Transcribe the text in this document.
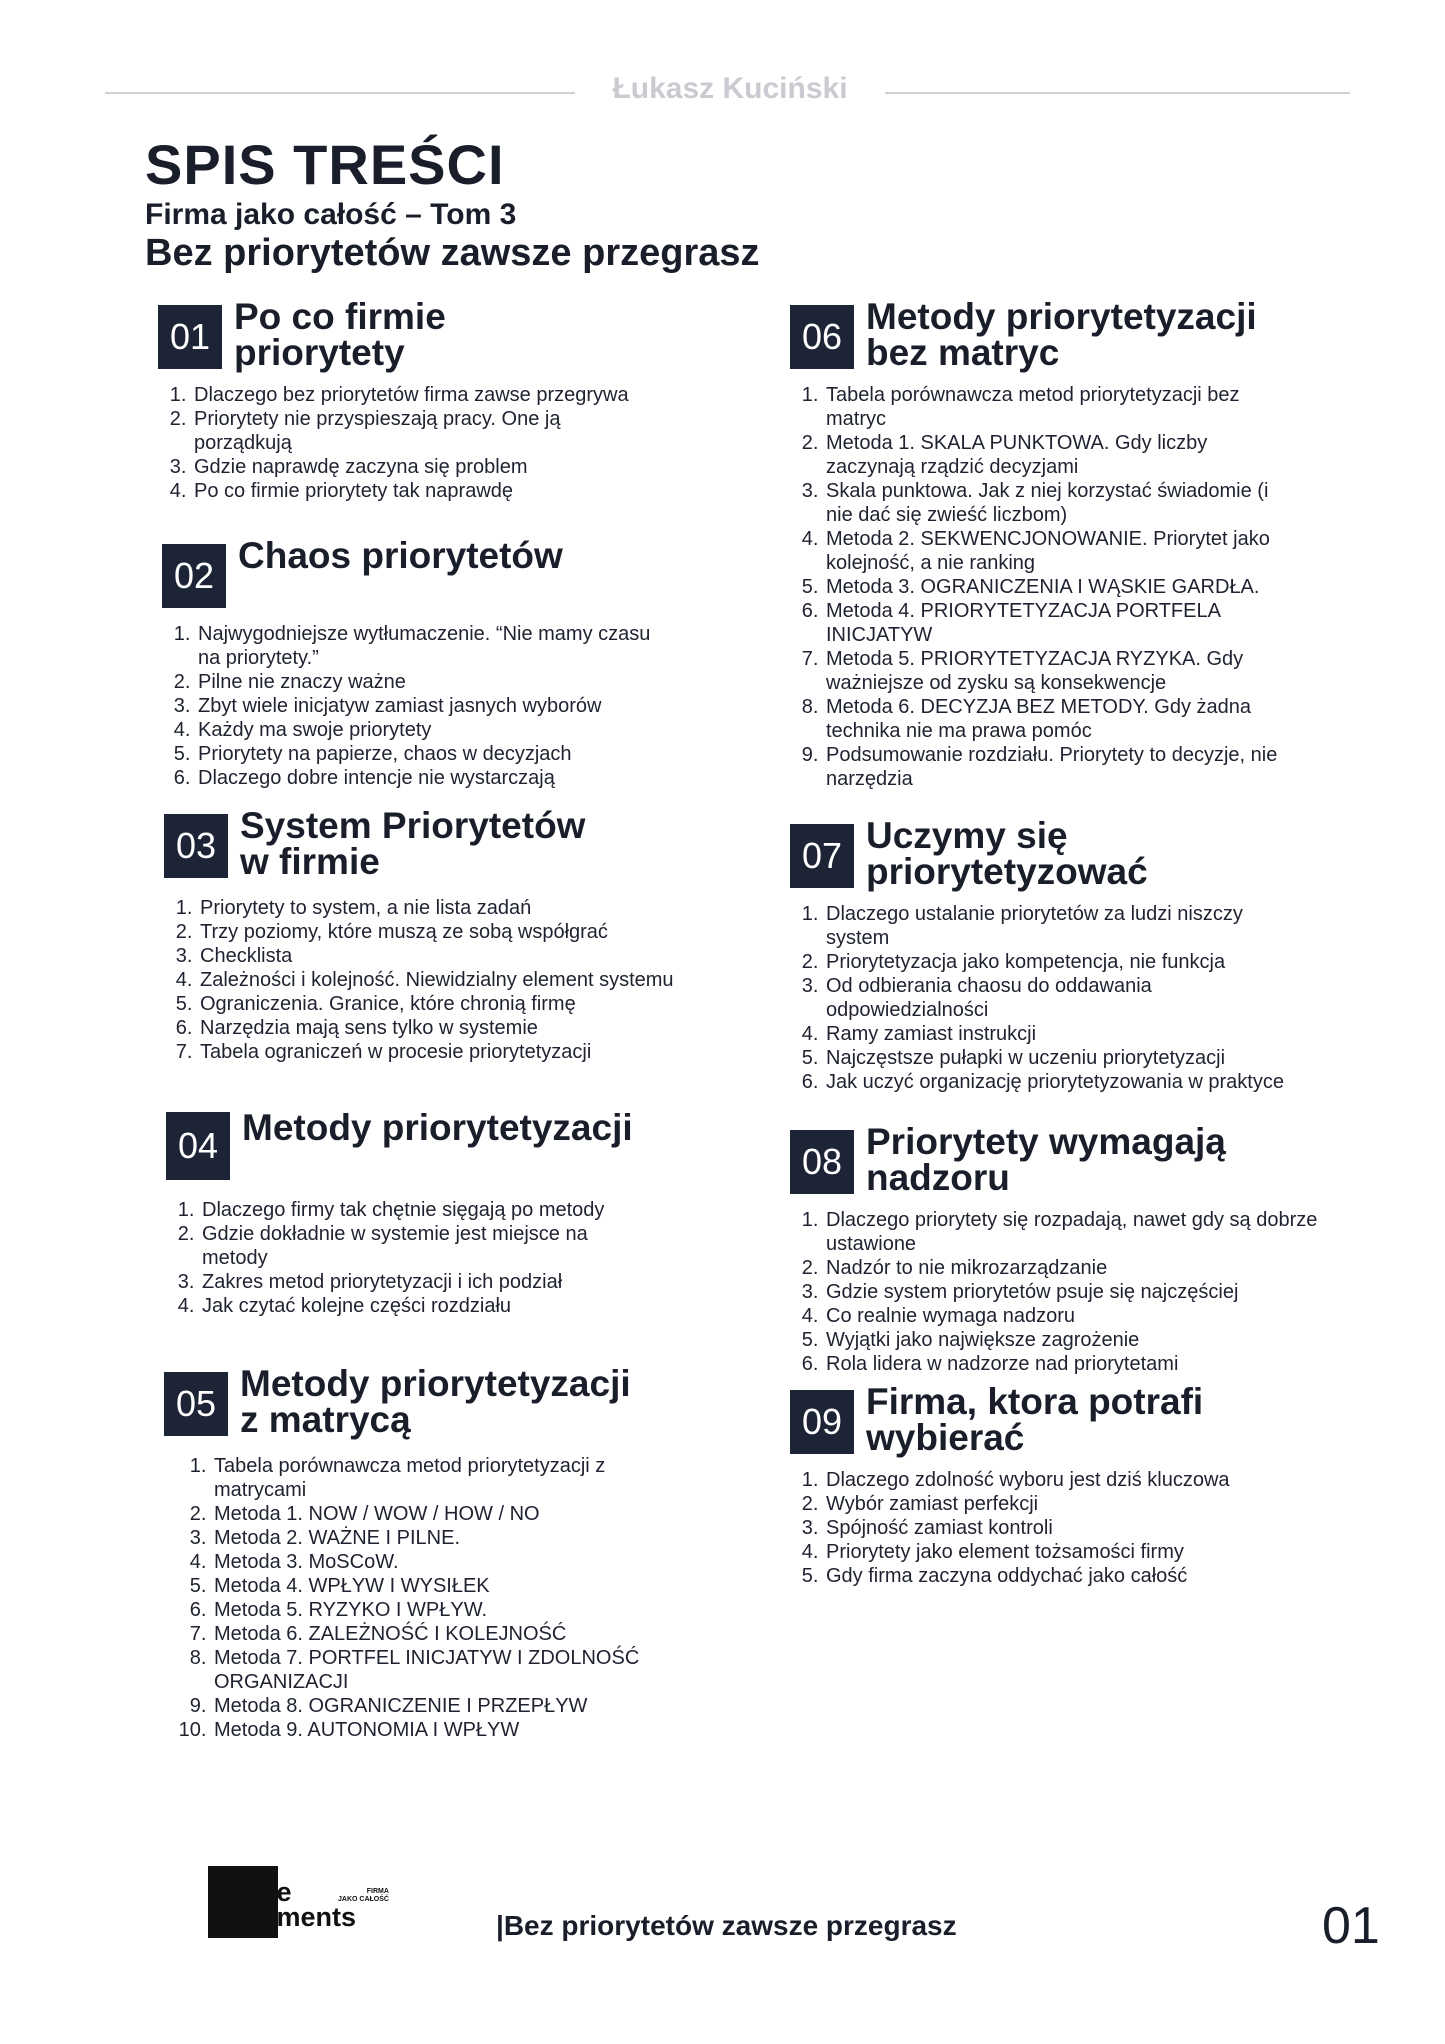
Łukasz Kuciński
SPIS TREŚCI
Firma jako całość – Tom 3
Bez priorytetów zawsze przegrasz
01 Po co firmie
priorytety
1. Dlaczego bez priorytetów firma zawse przegrywa
2. Priorytety nie przyspieszają pracy. One ją porządkują
3. Gdzie naprawdę zaczyna się problem
4. Po co firmie priorytety tak naprawdę
02 Chaos priorytetów
1. Najwygodniejsze wytłumaczenie. “Nie mamy czasu na priorytety.”
2. Pilne nie znaczy ważne
3. Zbyt wiele inicjatyw zamiast jasnych wyborów
4. Każdy ma swoje priorytety
5. Priorytety na papierze, chaos w decyzjach
6. Dlaczego dobre intencje nie wystarczają
03 System Priorytetów
w firmie
1. Priorytety to system, a nie lista zadań
2. Trzy poziomy, które muszą ze sobą współgrać
3. Checklista
4. Zależności i kolejność. Niewidzialny element systemu
5. Ograniczenia. Granice, które chronią firmę
6. Narzędzia mają sens tylko w systemie
7. Tabela ograniczeń w procesie priorytetyzacji
04 Metody priorytetyzacji
1. Dlaczego firmy tak chętnie sięgają po metody
2. Gdzie dokładnie w systemie jest miejsce na metody
3. Zakres metod priorytetyzacji i ich podział
4. Jak czytać kolejne części rozdziału
05 Metody priorytetyzacji
z matrycą
1. Tabela porównawcza metod priorytetyzacji z matrycami
2. Metoda 1. NOW / WOW / HOW / NO
3. Metoda 2. WAŻNE I PILNE.
4. Metoda 3. MoSCoW.
5. Metoda 4. WPŁYW I WYSIŁEK
6. Metoda 5. RYZYKO I WPŁYW.
7. Metoda 6. ZALEŻNOŚĆ I KOLEJNOŚĆ
8. Metoda 7. PORTFEL INICJATYW I ZDOLNOŚĆ ORGANIZACJI
9. Metoda 8. OGRANICZENIE I PRZEPŁYW
10. Metoda 9. AUTONOMIA I WPŁYW
06 Metody priorytetyzacji
bez matryc
1. Tabela porównawcza metod priorytetyzacji bez matryc
2. Metoda 1. SKALA PUNKTOWA. Gdy liczby zaczynają rządzić decyzjami
3. Skala punktowa. Jak z niej korzystać świadomie (i nie dać się zwieść liczbom)
4. Metoda 2. SEKWENCJONOWANIE. Priorytet jako kolejność, a nie ranking
5. Metoda 3. OGRANICZENIA I WĄSKIE GARDŁA.
6. Metoda 4. PRIORYTETYZACJA PORTFELA INICJATYW
7. Metoda 5. PRIORYTETYZACJA RYZYKA. Gdy ważniejsze od zysku są konsekwencje
8. Metoda 6. DECYZJA BEZ METODY. Gdy żadna technika nie ma prawa pomóc
9. Podsumowanie rozdziału. Priorytety to decyzje, nie narzędzia
07 Uczymy się
priorytetyzować
1. Dlaczego ustalanie priorytetów za ludzi niszczy system
2. Priorytetyzacja jako kompetencja, nie funkcja
3. Od odbierania chaosu do oddawania odpowiedzialności
4. Ramy zamiast instrukcji
5. Najczęstsze pułapki w uczeniu priorytetyzacji
6. Jak uczyć organizację priorytetyzowania w praktyce
08 Priorytety wymagają
nadzoru
1. Dlaczego priorytety się rozpadają, nawet gdy są dobrze ustawione
2. Nadzór to nie mikrozarządzanie
3. Gdzie system priorytetów psuje się najczęściej
4. Co realnie wymaga nadzoru
5. Wyjątki jako największe zagrożenie
6. Rola lidera w nadzorze nad priorytetami
09 Firma, ktora potrafi
wybierać
1. Dlaczego zdolność wyboru jest dziś kluczowa
2. Wybór zamiast perfekcji
3. Spójność zamiast kontroli
4. Priorytety jako element tożsamości firmy
5. Gdy firma zaczyna oddychać jako całość
ive
lements
FIRMA
JAKO CAŁOŚĆ
|Bez priorytetów zawsze przegrasz	01
